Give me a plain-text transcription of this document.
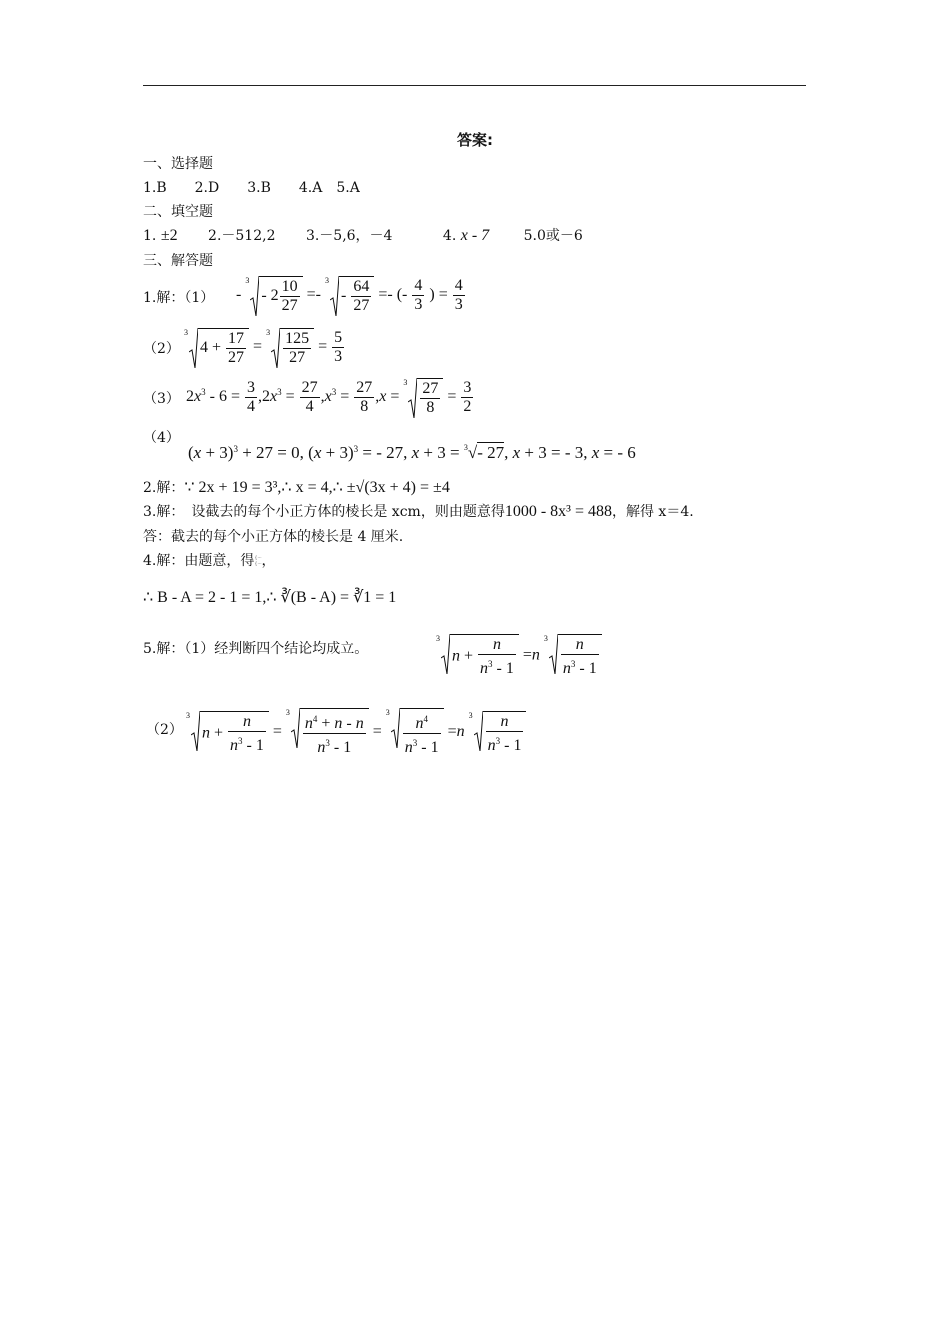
答案:
一、选择题
1.B　　2.D　　3.B　　4.A　5.A
二、填空题
1. ±2 2.－512,2 3.－5,6，－4	4. x - 7 5.0或－6
三、解答题
1.解：（1） -
3
- $2 \frac{10}{27}$ =-
3
- $\frac{64}{27}$ =- (- $\frac{4}{3}$ ) = $\frac{4}{3}$
（2）
3
$4 + \frac{17}{27}$ =
$3 \frac{125}{27} = \frac{5}{3}$
（3） $2x^3 - 6 = \frac{3}{4} ,2x^3 = \frac{27}{4} ,x^3 = \frac{27}{8} ,x$ =
$3 \frac{27}{8} = \frac{3}{2}$
（4）
$(x + 3)^3 + 27 = 0$, $(x + 3)^3$ = - 27, x + 3 = $^3$√- 27, x + 3 = - 3, x = - 6
2.解：∵ 2x + 19 = 3³,∴ x = 4,∴ ±√(3x + 4) = ±4
3.解：　设截去的每个小正方体的棱长是 xcm，则由题意得1000 - 8x³ = 488，解得 x＝4.
答：截去的每个小正方体的棱长是 4 厘米.
4.解：由题意，得{···
{···，
∴ B - A = 2 - 1 = 1,∴ ∛(B - A) = ∛1 = 1
5.解：（1）经判断四个结论均成立。
3
$n + \frac{n}{n^3 - 1} =n$
$3 \frac{n}{n^3 - 1}$
（2）
3
$n + \frac{n}{n^3 - 1}$ =
$3 \frac{n^4 + n - n}{n^3 - 1}$ =
$3 \frac{n^4}{n^3 - 1} =n$
$3 \frac{n}{n^3 - 1}$
